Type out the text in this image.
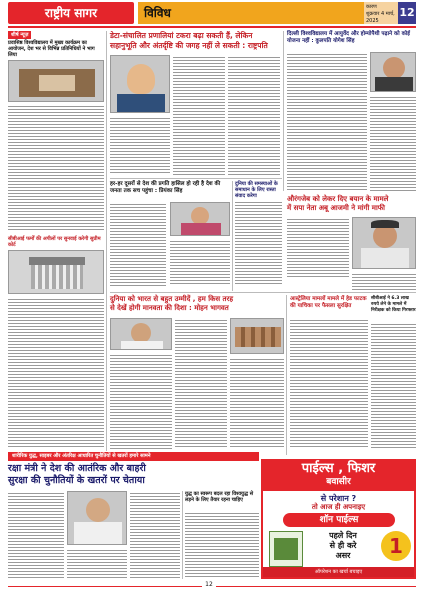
राष्ट्रीय सागर	विविध	कारण
शुक्रवार 4 मार्च, 2025
12
शीर्ष न्यूज़
प्रवासिष्ठ विश्वविद्यालय में मुख्य कार्यक्रम का आयोजन, देश भर से विभिन्न प्रतिनिधियों ने भाग लिया
सीबीआई फर्मों की अपीलों पर सुनवाई करेगी सुप्रीम कोर्ट
डेटा-संचालित प्रणालियां टकरा बढ़ा सकती हैं, लेकिन
सहानुभूति और अंतर्दृष्टि की जगह नहीं ले सकती : राष्ट्रपति
दिल्ली विश्वविद्यालय में आयुर्वेद और होम्योपैथी पढ़ाने को कोई योजना नहीं : कुलपति योगेश सिंह
हर-हर दूसरों से देश की प्रगति हासिल हो रही है देश की जनता तक सच पहुंचा : प्रियंका सिंह
दुनिया की समस्याओं के समाधान के लिए रास्ता संवाद करेगा	औरंगजेब को लेकर दिए बयान के मामले
में सपा नेता अबू आजमी ने मांगी माफी
दुनिया को भारत से बहुत उम्मीदें , हम किस तरह
से देखें होगी मानवता की दिशा : मोहन भागवत
आस्ट्रेलिया मामलों मामले में हेड फाटक की याचिका पर फैसला सुरक्षित
सीबीआई ने 6.3 लाख रुपये लेने के मामले में निरीक्षक को किया गिरफ्तार
शारीरिक युद्ध, साइबर और अंतरिक्ष आधारित चुनौतियों से खतरों हमारे सामने
रक्षा मंत्री ने देश की आतंरिक और बाहरी
सुरक्षा की चुनौतियों के खतरों पर चेताया
युद्ध का स्वरूप बदल रहा विश्वयुद्ध से लड़ने के लिए तैयार रहना चाहिए
पाईल्स , फिशर
बवासीर
से परेशान ?
तो आज ही अपनाइए
शॉन पाईल्स
पहले दिन
से ही करे
असर	1
ऑपरेशन का खर्चा बचाइए
12
